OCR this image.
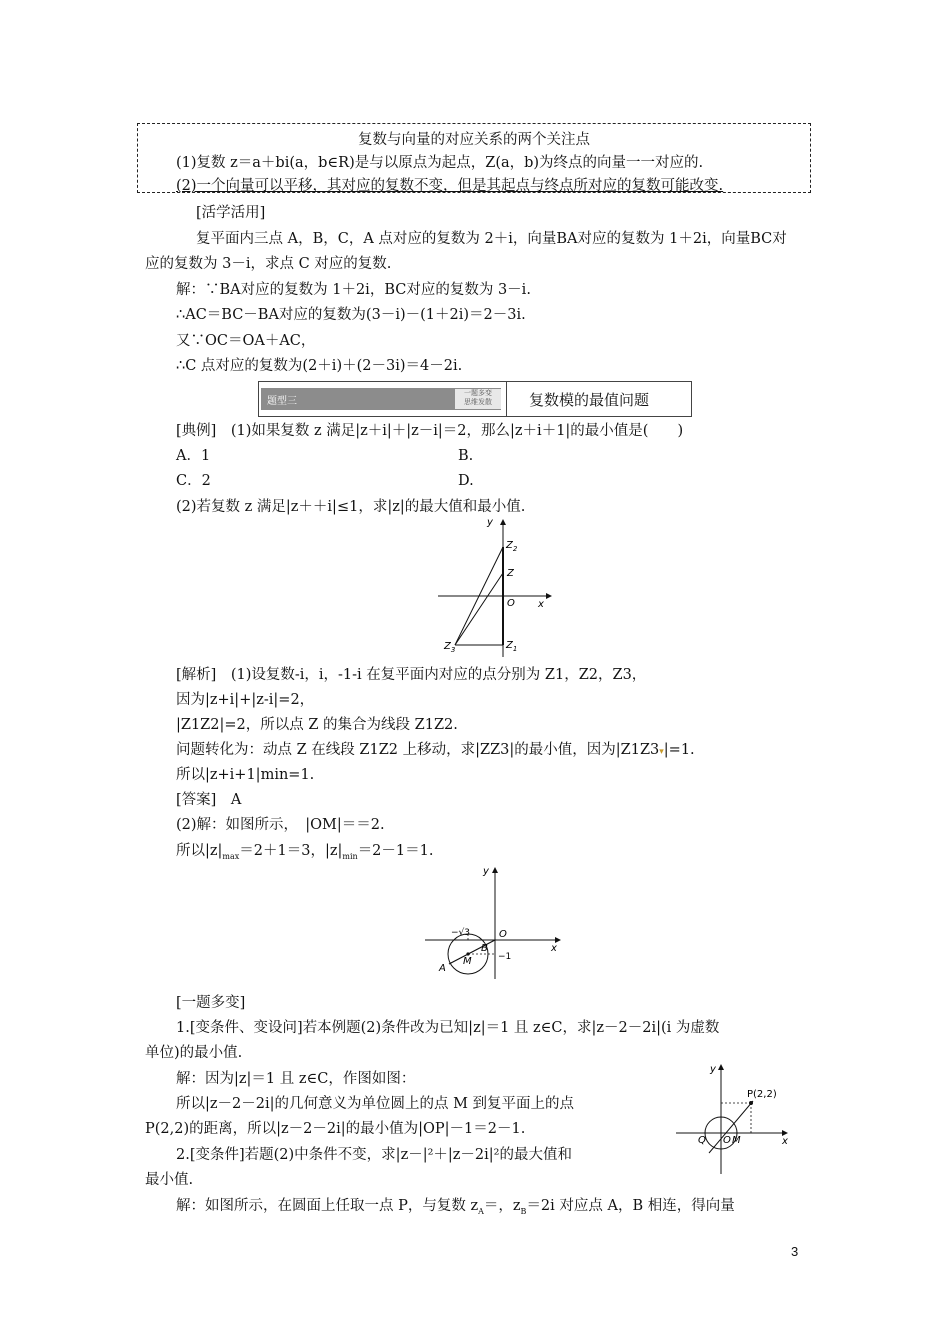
复数与向量的对应关系的两个关注点
(1)复数 z＝a＋bi(a，b∈R)是与以原点为起点，Z(a，b)为终点的向量一一对应的.
(2)一个向量可以平移，其对应的复数不变，但是其起点与终点所对应的复数可能改变.
[活学活用]
复平面内三点 A，B，C，A 点对应的复数为 2＋i，向量BA对应的复数为 1＋2i，向量BC对
应的复数为 3－i，求点 C 对应的复数.
解：∵BA对应的复数为 1＋2i，BC对应的复数为 3－i.
∴AC＝BC－BA对应的复数为(3－i)－(1＋2i)＝2－3i.
又∵OC＝OA＋AC，
∴C 点对应的复数为(2＋i)＋(2－3i)＝4－2i.
题型三
一题多变
思维发散	复数模的最值问题
[典例]　(1)如果复数 z 满足|z＋i|＋|z－i|＝2，那么|z＋i＋1|的最小值是(　　)
A．1	B.
C．2	D.
(2)若复数 z 满足|z＋＋i|≤1，求|z|的最大值和最小值.
y
x
O
Z
$Z_2$
$Z_1$
$Z_3$
[解析]　(1)设复数-i，i，-1-i 在复平面内对应的点分别为 Z1，Z2，Z3，
因为|z+i|+|z-i|=2，
|Z1Z2|=2，所以点 Z 的集合为线段 Z1Z2.
问题转化为：动点 Z 在线段 Z1Z2 上移动，求|ZZ3|的最小值，因为|Z1Z3▾|=1.
所以|z+i+1|min=1.
[答案]　A
(2)解：如图所示，　|OM|＝＝2.
所以$|z|_{max}=2+1=3$，$|z|_{min}=2-1=1$.
y
x
O
−√3
−1
A
B
M
[一题多变]
1.[变条件、变设问]若本例题(2)条件改为已知|z|＝1 且 z∈C，求|z－2－2i|(i 为虚数
单位)的最小值.
解：因为|z|＝1 且 z∈C，作图如图：
所以|z－2－2i|的几何意义为单位圆上的点 M 到复平面上的点
P(2,2)的距离，所以|z－2－2i|的最小值为|OP|－1＝2－1.
2.[变条件]若题(2)中条件不变，求|z－|²＋|z－2i|²的最大值和
最小值.
解：如图所示，在圆面上任取一点 P，与复数 $z_A=$，$z_B=2i$ 对应点 A，B 相连，得向量
y
x
P(2,2)
Q O M
3
